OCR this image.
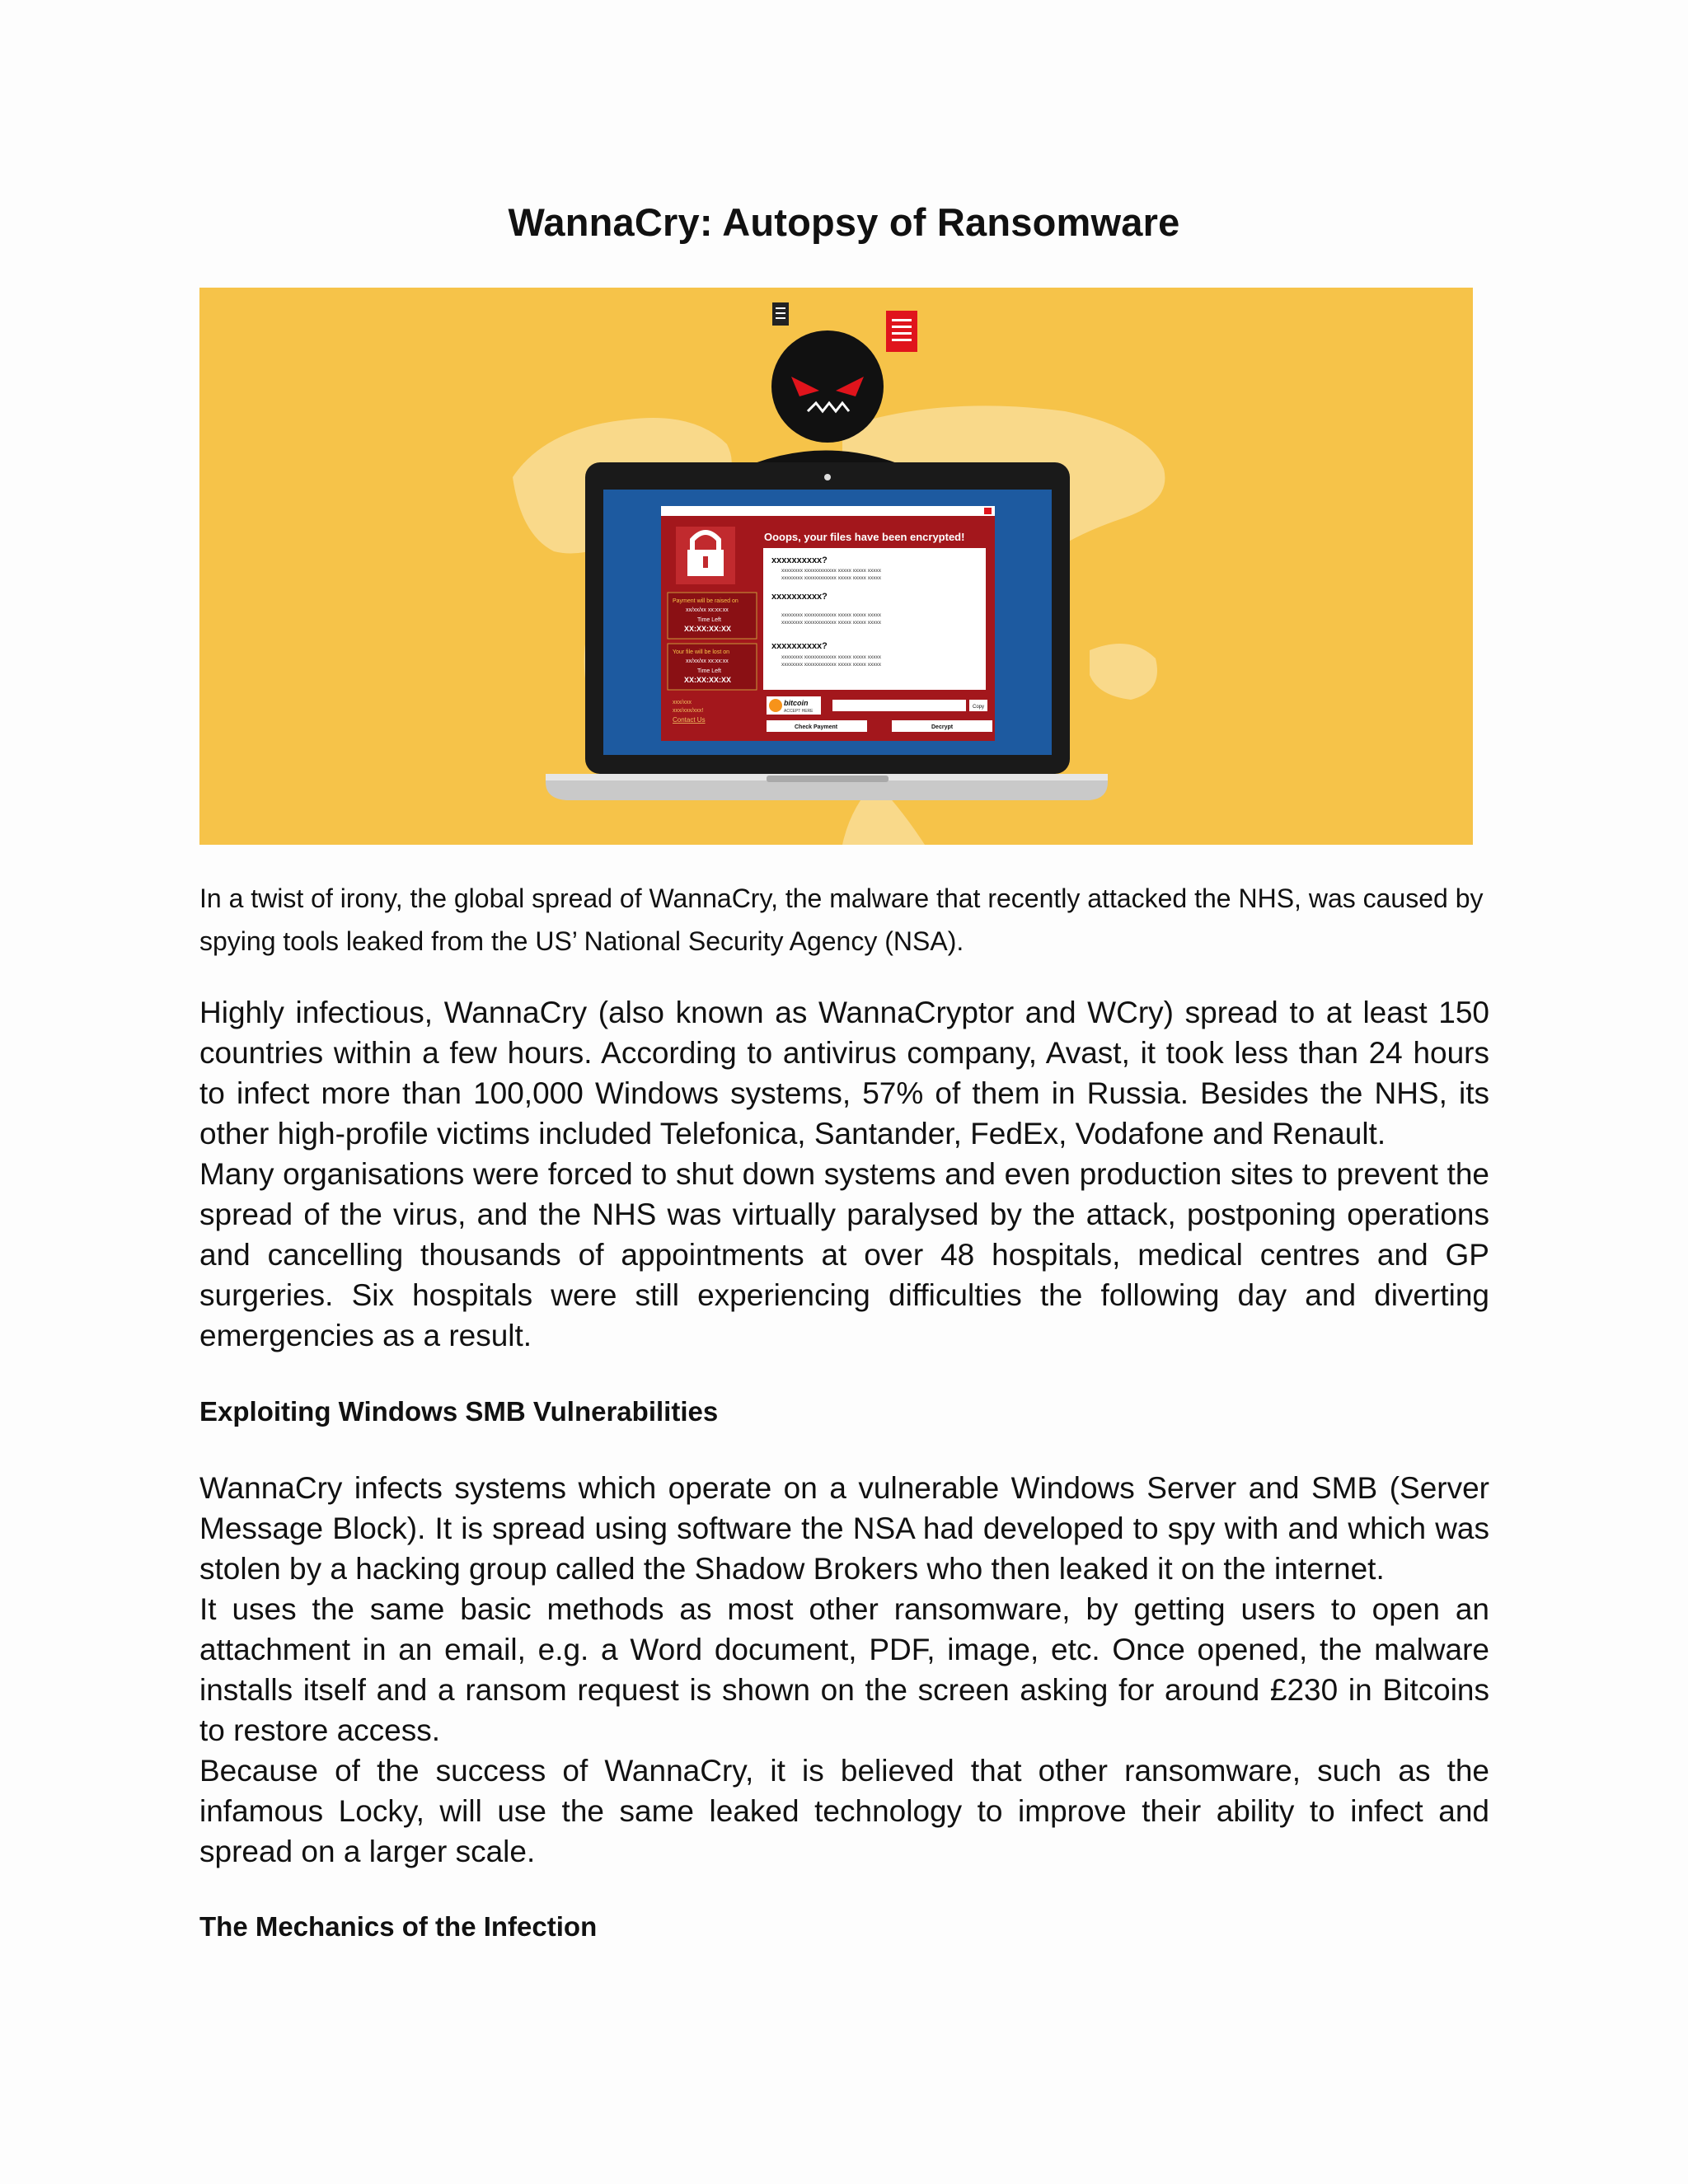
WannaCry: Autopsy of Ransomware
Ooops, your files have been encrypted!
Payment will be raised on
xx/xx/xx xx:xx:xx
Time Left
XX:XX:XX:XX
Your file will be lost on
xx/xx/xx xx:xx:xx
Time Left
XX:XX:XX:XX
xxx/xxx
xxx/xxx/xxx!
Contact Us
xxxxxxxxxx?
xxxxxxxx xxxxxxxxxxxx xxxxx xxxxx xxxxx
xxxxxxxx xxxxxxxxxxxx xxxxx xxxxx xxxxx
xxxxxxxxxx?
xxxxxxxx xxxxxxxxxxxx xxxxx xxxxx xxxxx
xxxxxxxx xxxxxxxxxxxx xxxxx xxxxx xxxxx
xxxxxxxxxx?
xxxxxxxx xxxxxxxxxxxx xxxxx xxxxx xxxxx
xxxxxxxx xxxxxxxxxxxx xxxxx xxxxx xxxxx
bitcoin
ACCEPT HERE
Copy
Check Payment	Decrypt

In a twist of irony, the global spread of WannaCry, the malware that recently attacked the NHS, was caused by spying tools leaked from the US’ National Security Agency (NSA).

Highly infectious, WannaCry (also known as WannaCryptor and WCry) spread to at least 150 countries within a few hours. According to antivirus company, Avast, it took less than 24 hours to infect more than 100,000 Windows systems, 57% of them in Russia. Besides the NHS, its other high-profile victims included Telefonica, Santander, FedEx, Vodafone and Renault.

Many organisations were forced to shut down systems and even production sites to prevent the spread of the virus, and the NHS was virtually paralysed by the attack, postponing operations and cancelling thousands of appointments at over 48 hospitals, medical centres and GP surgeries. Six hospitals were still experiencing difficulties the following day and diverting emergencies as a result.

Exploiting Windows SMB Vulnerabilities

WannaCry infects systems which operate on a vulnerable Windows Server and SMB (Server Message Block). It is spread using software the NSA had developed to spy with and which was stolen by a hacking group called the Shadow Brokers who then leaked it on the internet.

It uses the same basic methods as most other ransomware, by getting users to open an attachment in an email, e.g. a Word document, PDF, image, etc. Once opened, the malware installs itself and a ransom request is shown on the screen asking for around £230 in Bitcoins to restore access.

Because of the success of WannaCry, it is believed that other ransomware, such as the infamous Locky, will use the same leaked technology to improve their ability to infect and spread on a larger scale.

The Mechanics of the Infection
